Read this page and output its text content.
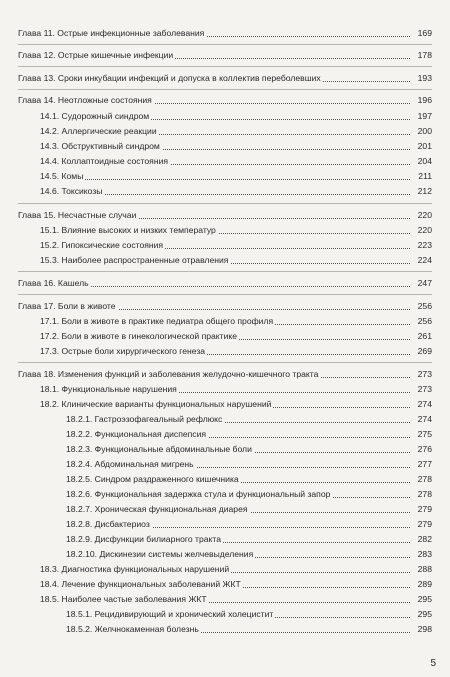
Глава 11. Острые инфекционные заболевания	169
Глава 12. Острые кишечные инфекции	178
Глава 13. Сроки инкубации инфекций и допуска в коллектив переболевших	193
Глава 14. Неотложные состояния	196
14.1. Судорожный синдром	197
14.2. Аллергические реакции	200
14.3. Обструктивный синдром	201
14.4. Коллаптоидные состояния	204
14.5. Комы	211
14.6. Токсикозы	212
Глава 15. Несчастные случаи	220
15.1. Влияние высоких и низких температур	220
15.2. Гипоксические состояния	223
15.3. Наиболее распространенные отравления	224
Глава 16. Кашель	247
Глава 17. Боли в животе	256
17.1. Боли в животе в практике педиатра общего профиля	256
17.2. Боли в животе в гинекологической практике	261
17.3. Острые боли хирургического генеза	269
Глава 18. Изменения функций и заболевания желудочно-кишечного тракта	273
18.1. Функциональные нарушения	273
18.2. Клинические варианты функциональных нарушений	274
18.2.1. Гастроэзофагеальный рефлюкс	274
18.2.2. Функциональная диспепсия	275
18.2.3. Функциональные абдоминальные боли	276
18.2.4. Абдоминальная мигрень	277
18.2.5. Синдром раздраженного кишечника	278
18.2.6. Функциональная задержка стула и функциональный запор	278
18.2.7. Хроническая функциональная диарея	279
18.2.8. Дисбактериоз	279
18.2.9. Дисфункции билиарного тракта	282
18.2.10. Дискинезии системы желчевыделения	283
18.3. Диагностика функциональных нарушений	288
18.4. Лечение функциональных заболеваний ЖКТ	289
18.5. Наиболее частые заболевания ЖКТ	295
18.5.1. Рецидивирующий и хронический холецистит	295
18.5.2. Желчнокаменная болезнь	298
5
